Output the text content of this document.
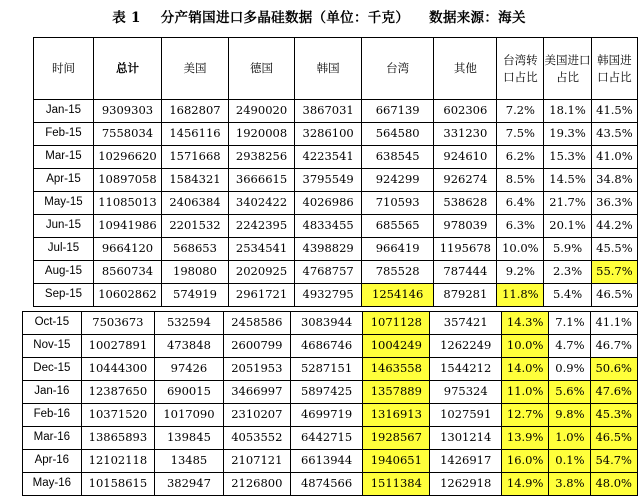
表 1    分产销国进口多晶硅数据（单位：千克）    数据来源：海关
时间	总计	美国	德国	韩国	台湾	其他	台湾转口占比	美国进口占比	韩国进口占比
Jan-15	9309303	1682807	2490020	3867031	667139	602306	7.2%	18.1%	41.5%
Feb-15	7558034	1456116	1920008	3286100	564580	331230	7.5%	19.3%	43.5%
Mar-15	10296620	1571668	2938256	4223541	638545	924610	6.2%	15.3%	41.0%
Apr-15	10897058	1584321	3666615	3795549	924299	926274	8.5%	14.5%	34.8%
May-15	11085013	2406384	3402422	4026986	710593	538628	6.4%	21.7%	36.3%
Jun-15	10941986	2201532	2242395	4833455	685565	978039	6.3%	20.1%	44.2%
Jul-15	9664120	568653	2534541	4398829	966419	1195678	10.0%	5.9%	45.5%
Aug-15	8560734	198080	2020925	4768757	785528	787444	9.2%	2.3%	55.7%
Sep-15	10602862	574919	2961721	4932795	1254146	879281	11.8%	5.4%	46.5%
Oct-15	7503673	532594	2458586	3083944	1071128	357421	14.3%	7.1%	41.1%
Nov-15	10027891	473848	2600799	4686746	1004249	1262249	10.0%	4.7%	46.7%
Dec-15	10444300	97426	2051953	5287151	1463558	1544212	14.0%	0.9%	50.6%
Jan-16	12387650	690015	3466997	5897425	1357889	975324	11.0%	5.6%	47.6%
Feb-16	10371520	1017090	2310207	4699719	1316913	1027591	12.7%	9.8%	45.3%
Mar-16	13865893	139845	4053552	6442715	1928567	1301214	13.9%	1.0%	46.5%
Apr-16	12102118	13485	2107121	6613944	1940651	1426917	16.0%	0.1%	54.7%
May-16	10158615	382947	2126800	4874566	1511384	1262918	14.9%	3.8%	48.0%
